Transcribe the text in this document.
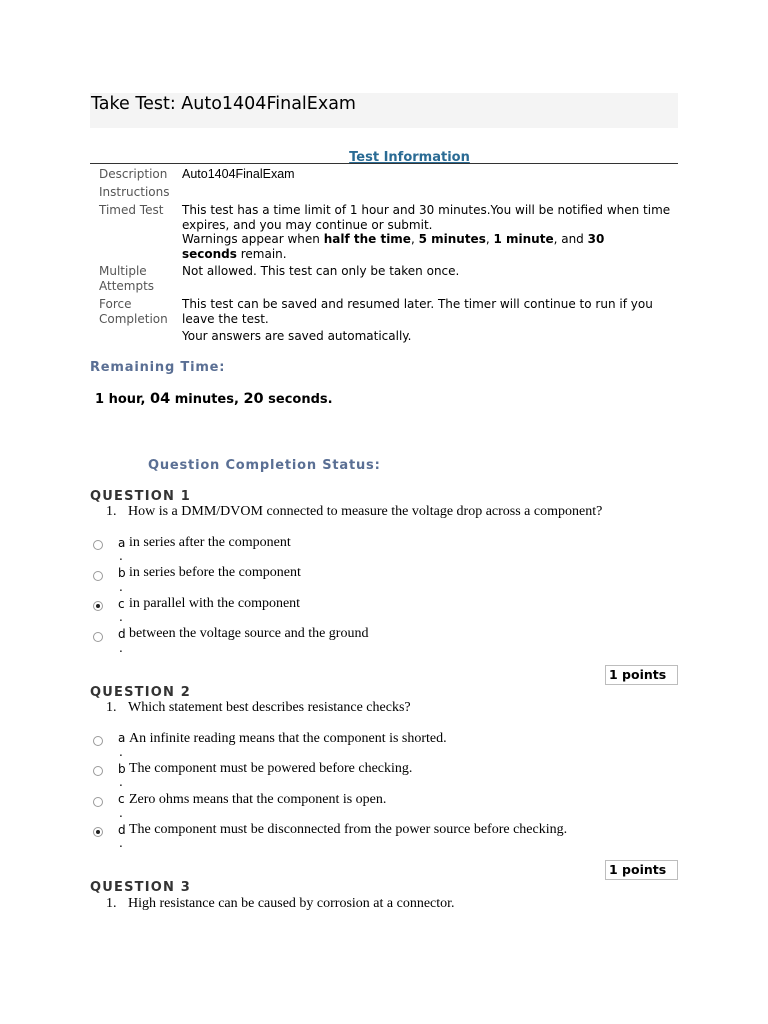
Take Test: Auto1404FinalExam
Test Information
Description Auto1404FinalExam
Instructions
Timed Test This test has a time limit of 1 hour and 30 minutes.You will be notified when time
expires, and you may continue or submit.
Warnings appear when half the time, 5 minutes, 1 minute, and 30
seconds remain.
Multiple
Attempts
Not allowed. This test can only be taken once.
Force
Completion
This test can be saved and resumed later. The timer will continue to run if you
leave the test.
Your answers are saved automatically.
Remaining Time:
1 hour, 04 minutes, 20 seconds.
Question Completion Status:
QUESTION 1
1. How is a DMM/DVOM connected to measure the voltage drop across a component?
a
.
in series after the component
b
.
in series before the component
c
.
in parallel with the component
d
.
between the voltage source and the ground
1 points
QUESTION 2
1. Which statement best describes resistance checks?
a
.
An infinite reading means that the component is shorted.
b
.
The component must be powered before checking.
c
.
Zero ohms means that the component is open.
d
.
The component must be disconnected from the power source before checking.
1 points
QUESTION 3
1. High resistance can be caused by corrosion at a connector.
